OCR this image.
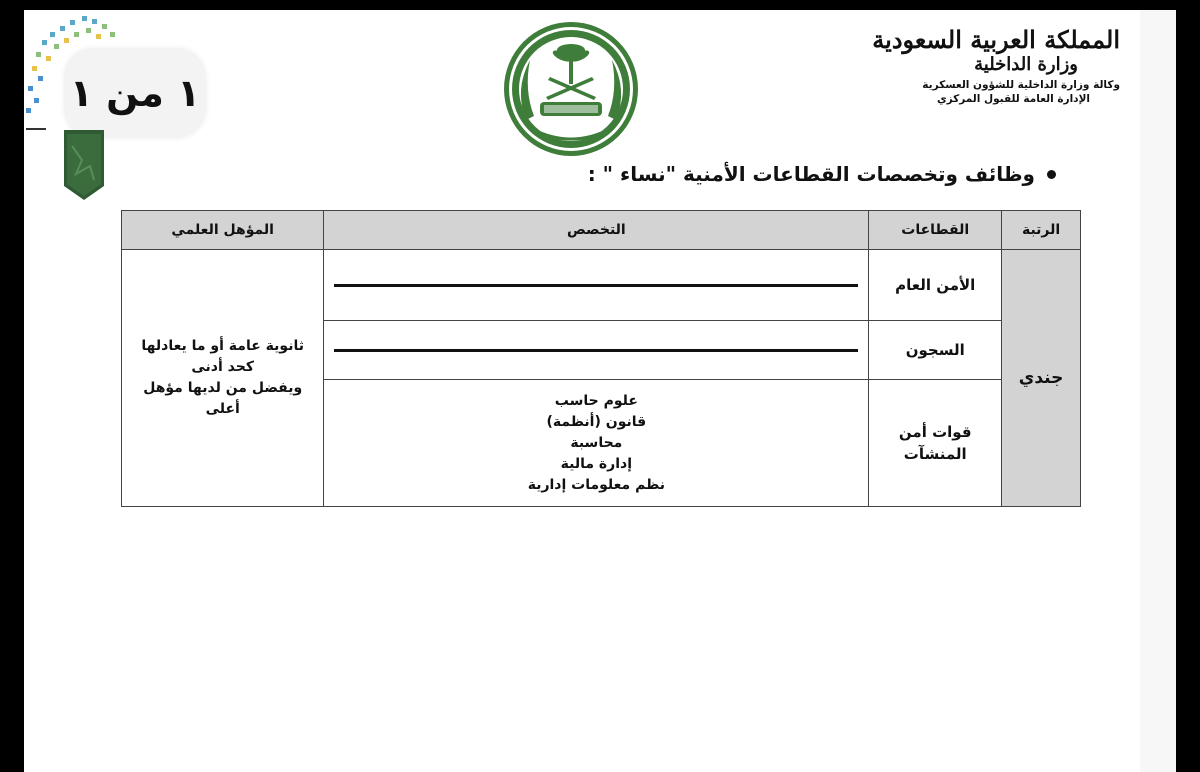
١ من ١
المملكة العربية السعودية
وزارة الداخلية
وكالة وزارة الداخلية للشؤون العسكرية
الإدارة العامة للقبول المركزي
وظائف وتخصصات القطاعات الأمنية "نساء " :
الرتبة	القطاعات	التخصص	المؤهل العلمي
جندي	الأمن العام		ثانوية عامة أو ما يعادلها
كحد أدنى
ويفضل من لديها مؤهل
أعلى

	السجون		

	قوات أمن المنشآت	علوم حاسب
قانون (أنظمة)
محاسبة
إدارة مالية
نظم معلومات إدارية	
